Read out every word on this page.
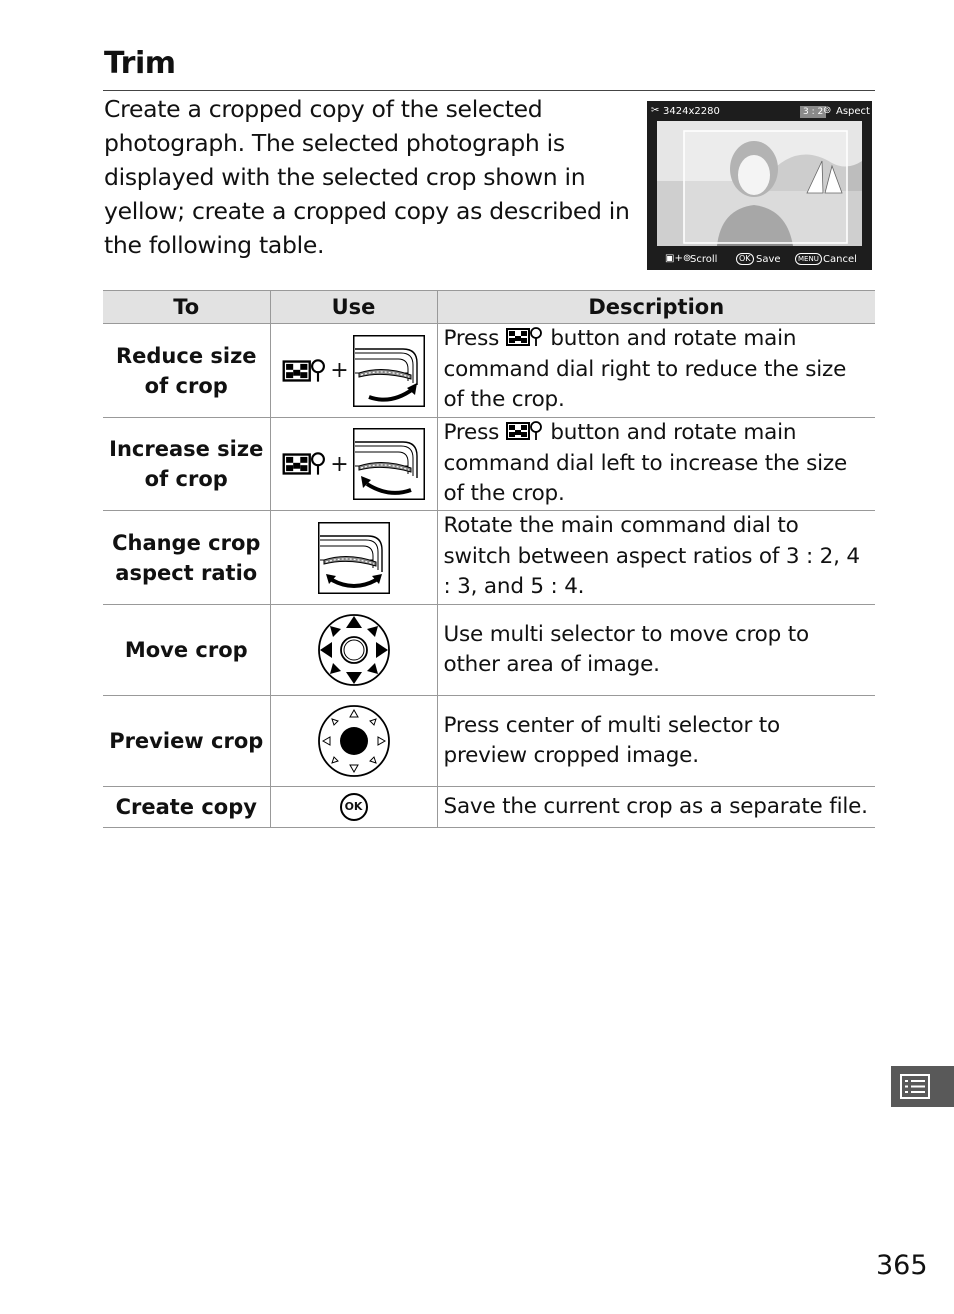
Trim
Create a cropped copy of the selected photograph. The selected photograph is displayed with the selected crop shown in yellow; create a cropped copy as described in the following table.
✂ 3424x2280	3 : 2 ⊚ Aspect
▣+⊚
Scroll	OK Save	MENU Cancel
To	Use	Description
Reduce size of crop	+	Press  button and rotate main command dial right to reduce the size of the crop.
Increase size of crop	+	Press  button and rotate main command dial left to increase the size of the crop.
Change crop aspect ratio		Rotate the main command dial to switch between aspect ratios of 3 : 2, 4 : 3, and 5 : 4.
Move crop		Use multi selector to move crop to other area of image.
Preview crop		Press center of multi selector to preview cropped image.
Create copy	OK	Save the current crop as a separate file.
365
